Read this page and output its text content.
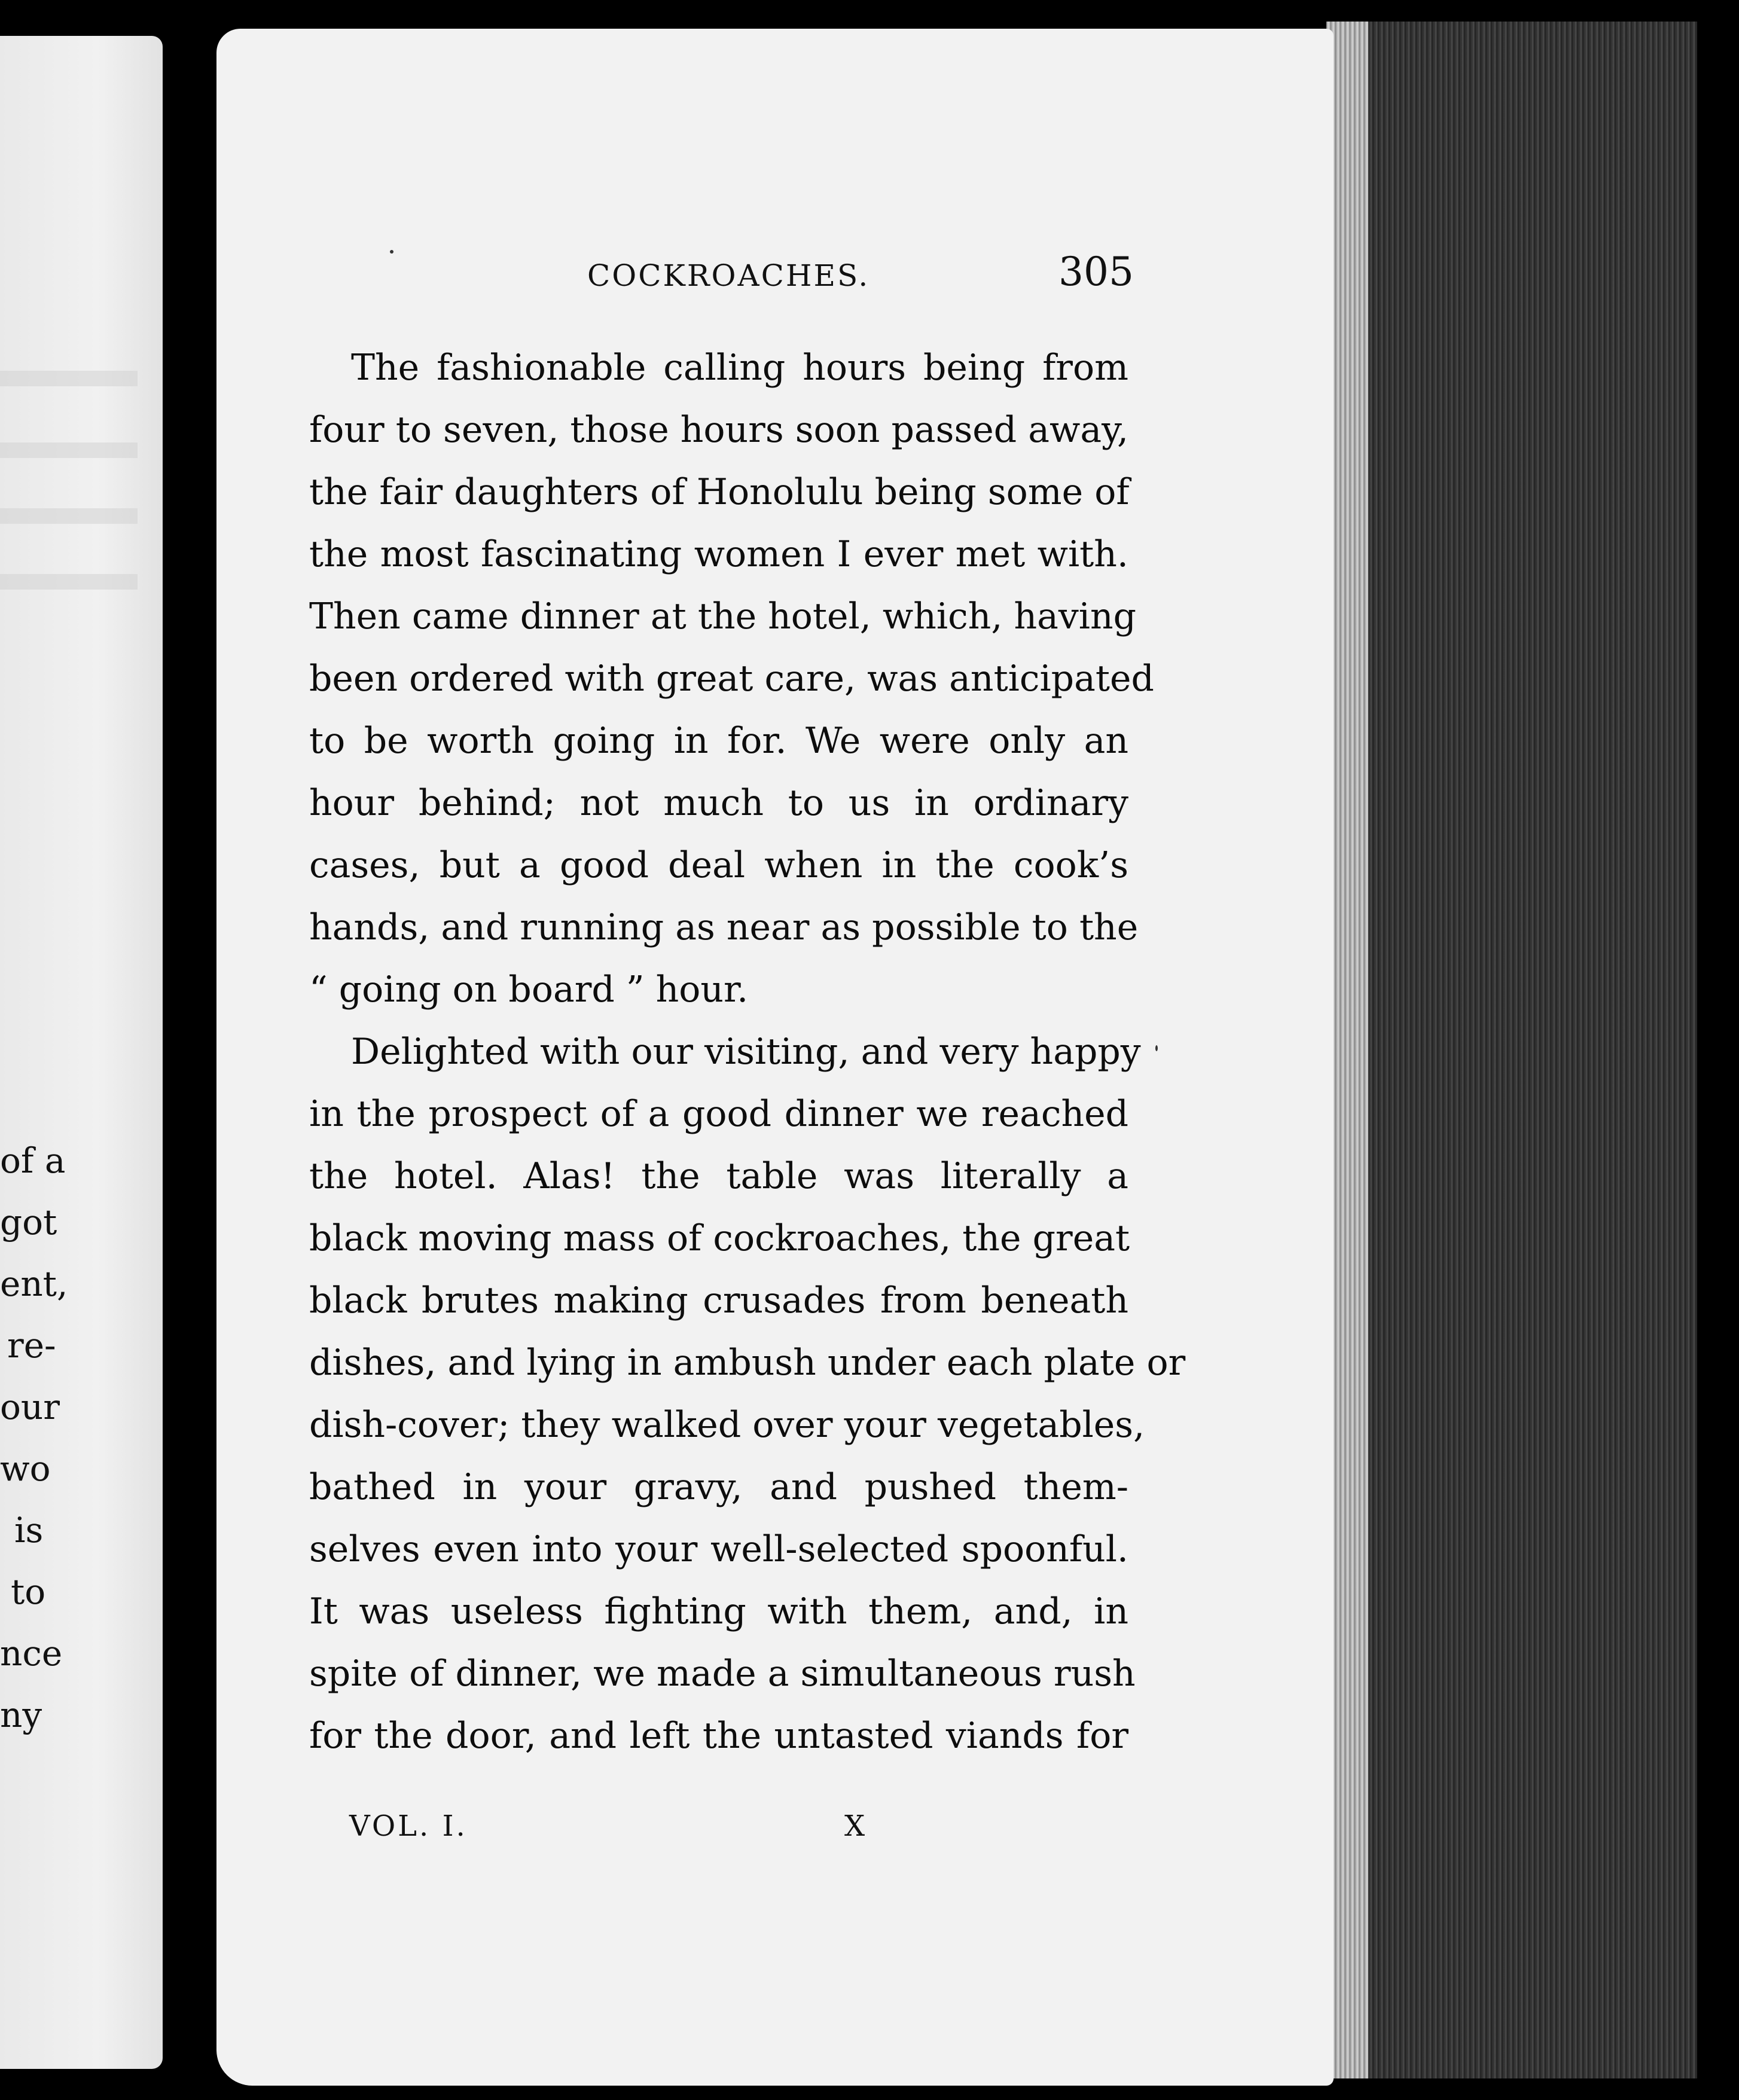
of a
got
ent,
re-
our
wo
is
to
nce
ny
COCKROACHES.	305
The fashionable calling hours being from
four to seven, those hours soon passed away,
the fair daughters of Honolulu being some of
the most fascinating women I ever met with.
Then came dinner at the hotel, which, having
been ordered with great care, was anticipated
to be worth going in for. We were only an
hour behind; not much to us in ordinary
cases, but a good deal when in the cook’s
hands, and running as near as possible to the
“ going on board ” hour.
Delighted with our visiting, and very happy
in the prospect of a good dinner we reached
the hotel. Alas! the table was literally a
black moving mass of cockroaches, the great
black brutes making crusades from beneath
dishes, and lying in ambush under each plate or
dish-cover; they walked over your vegetables,
bathed in your gravy, and pushed them-
selves even into your well-selected spoonful.
It was useless fighting with them, and, in
spite of dinner, we made a simultaneous rush
for the door, and left the untasted viands for
VOL. I.	X
